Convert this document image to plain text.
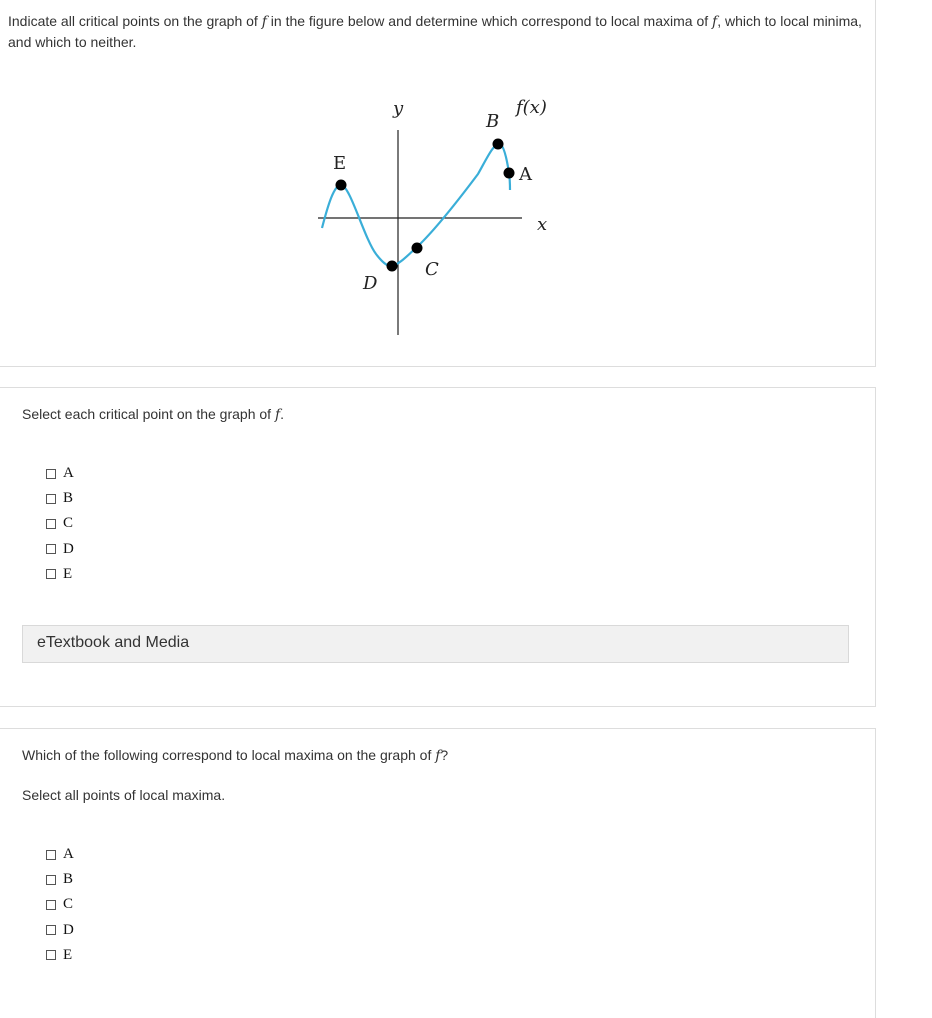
Indicate all critical points on the graph of f in the figure below and determine which correspond to local maxima of f, which to local minima, and which to neither.
y
x
f(x)
E
D
C
B
A
Select each critical point on the graph of f.
A
B
C
D
E
eTextbook and Media
Which of the following correspond to local maxima on the graph of f?
Select all points of local maxima.
A
B
C
D
E
